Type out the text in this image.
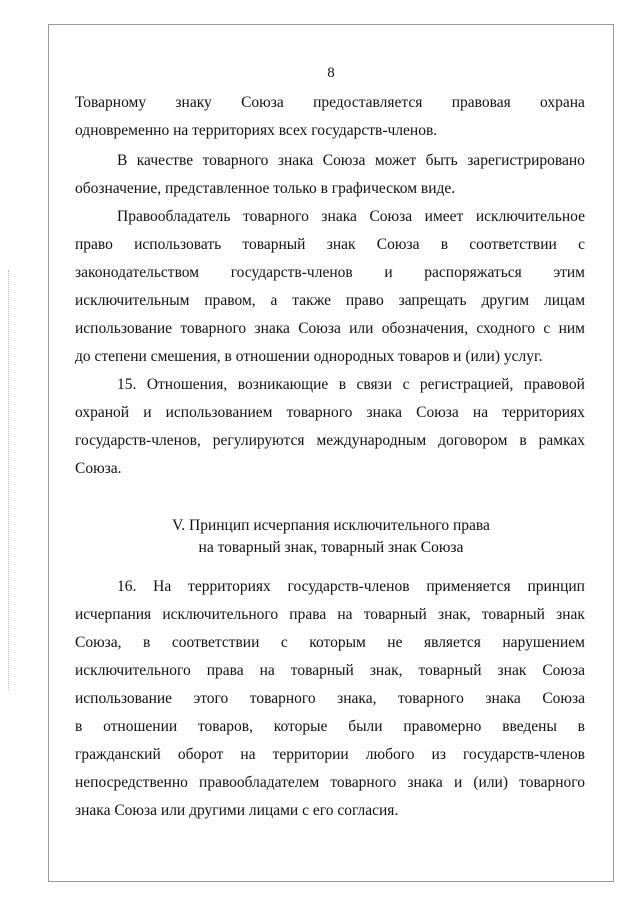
8
Товарному знаку Союза предоставляется правовая охрана
одновременно на территориях всех государств-членов.
В качестве товарного знака Союза может быть зарегистрировано
обозначение, представленное только в графическом виде.
Правообладатель товарного знака Союза имеет исключительное
право использовать товарный знак Союза в соответствии с
законодательством государств-членов и распоряжаться этим
исключительным правом, а также право запрещать другим лицам
использование товарного знака Союза или обозначения, сходного с ним
до степени смешения, в отношении однородных товаров и (или) услуг.
15. Отношения, возникающие в связи с регистрацией, правовой
охраной и использованием товарного знака Союза на территориях
государств-членов, регулируются международным договором в рамках
Союза.
V. Принцип исчерпания исключительного права
на товарный знак, товарный знак Союза
16. На территориях государств-членов применяется принцип
исчерпания исключительного права на товарный знак, товарный знак
Союза, в соответствии с которым не является нарушением
исключительного права на товарный знак, товарный знак Союза
использование этого товарного знака, товарного знака Союза
в отношении товаров, которые были правомерно введены в
гражданский оборот на территории любого из государств-членов
непосредственно правообладателем товарного знака и (или) товарного
знака Союза или другими лицами с его согласия.
